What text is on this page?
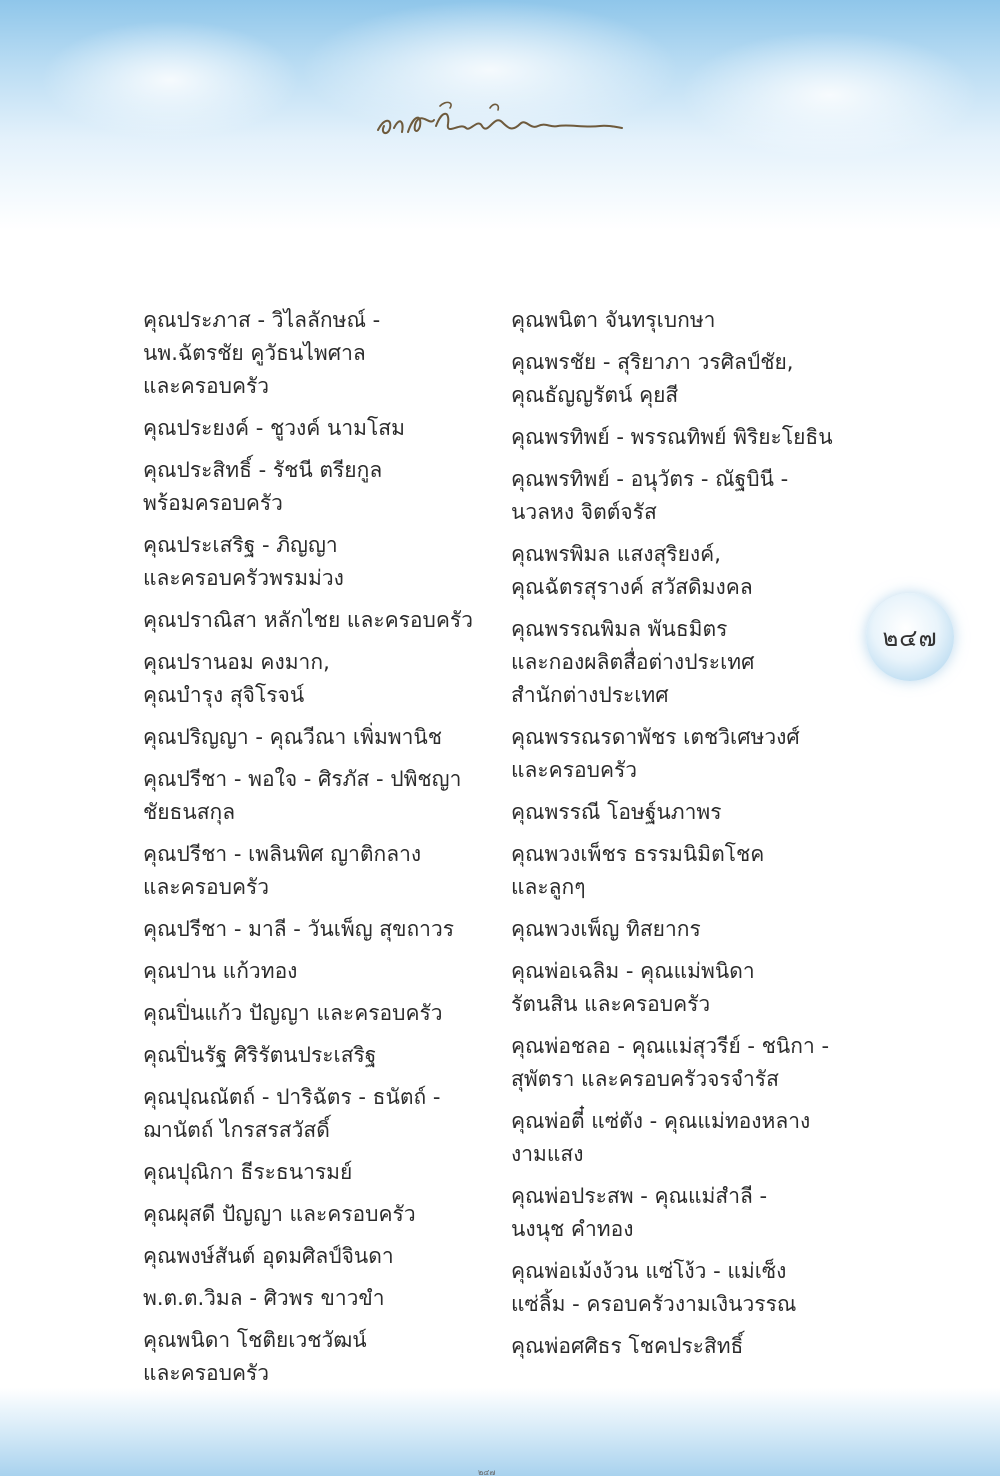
คุณประภาส - วิไลลักษณ์ -
นพ.ฉัตรชัย คูวัธนไพศาล
และครอบครัว
คุณประยงค์ - ชูวงค์ นามโสม
คุณประสิทธิ์ - รัชนี ตรียกูล
พร้อมครอบครัว
คุณประเสริฐ - ภิญญา
และครอบครัวพรมม่วง
คุณปราณิสา หลักไชย และครอบครัว
คุณปรานอม คงมาก,
คุณบำรุง สุจิโรจน์
คุณปริญญา - คุณวีณา เพิ่มพานิช
คุณปรีชา - พอใจ - ศิรภัส - ปพิชญา
ชัยธนสกุล
คุณปรีชา - เพลินพิศ ญาติกลาง
และครอบครัว
คุณปรีชา - มาลี - วันเพ็ญ สุขถาวร
คุณปาน แก้วทอง
คุณปิ่นแก้ว ปัญญา และครอบครัว
คุณปิ่นรัฐ ศิริรัตนประเสริฐ
คุณปุณณัตถ์ - ปาริฉัตร - ธนัตถ์ -
ฌานัตถ์ ไกรสรสวัสดิ์
คุณปุณิกา ธีระธนารมย์
คุณผุสดี ปัญญา และครอบครัว
คุณพงษ์สันต์ อุดมศิลป์จินดา
พ.ต.ต.วิมล - ศิวพร ขาวขำ
คุณพนิดา โชติยเวชวัฒน์
และครอบครัว
คุณพนิตา จันทรุเบกษา
คุณพรชัย - สุริยาภา วรศิลป์ชัย,
คุณธัญญรัตน์ คุยสี
คุณพรทิพย์ - พรรณทิพย์ พิริยะโยธิน
คุณพรทิพย์ - อนุวัตร - ณัฐบินี -
นวลหง จิตต์จรัส
คุณพรพิมล แสงสุริยงค์,
คุณฉัตรสุรางค์ สวัสดิมงคล
คุณพรรณพิมล พันธมิตร
และกองผลิตสื่อต่างประเทศ
สำนักต่างประเทศ
คุณพรรณรดาพัชร เตชวิเศษวงศ์
และครอบครัว
คุณพรรณี โอษฐ์นภาพร
คุณพวงเพ็ชร ธรรมนิมิตโชค
และลูกๆ
คุณพวงเพ็ญ ทิสยากร
คุณพ่อเฉลิม - คุณแม่พนิดา
รัตนสิน และครอบครัว
คุณพ่อชลอ - คุณแม่สุวรีย์ - ชนิกา -
สุพัตรา และครอบครัวจรจำรัส
คุณพ่อตี๋ แซ่ตัง - คุณแม่ทองหลาง
งามแสง
คุณพ่อประสพ - คุณแม่สำลี -
นงนุช คำทอง
คุณพ่อเม้งง้วน แซ่โง้ว - แม่เซ็ง
แซ่ลิ้ม - ครอบครัวงามเงินวรรณ
คุณพ่อศศิธร โชคประสิทธิ์
๒๔๗
๒๔๗
